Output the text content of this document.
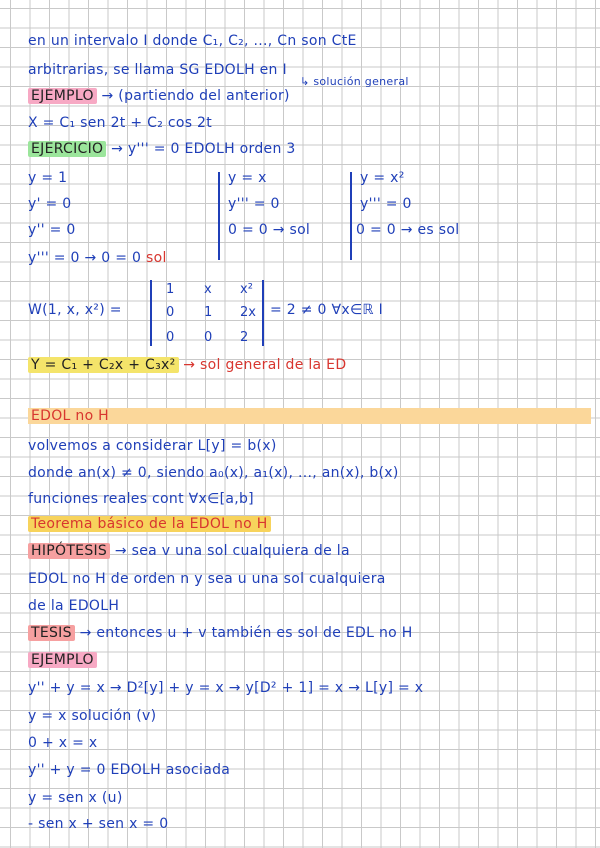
en un intervalo I donde C₁, C₂, ..., Cn son CtE
arbitrarias, se llama SG EDOLH en I
↳ solución general
EJEMPLO → (partiendo del anterior)
X = C₁ sen 2t + C₂ cos 2t
EJERCICIO → y''' = 0 EDOLH orden 3
y = 1
y' = 0
y'' = 0
y''' = 0 → 0 = 0 sol
y = x
y''' = 0
0 = 0 → sol
y = x²
y''' = 0
0 = 0 → es sol
W(1, x, x²) =
1 x x²
0 1 2x
0 0 2
= 2 ≠ 0 ∀x∈ℝ I
Y = C₁ + C₂x + C₃x² → sol general de la ED
EDOL no H
volvemos a considerar L[y] = b(x)
donde an(x) ≠ 0, siendo a₀(x), a₁(x), ..., an(x), b(x)
funciones reales cont ∀x∈[a,b]
Teorema básico de la EDOL no H
HIPÓTESIS → sea v una sol cualquiera de la
EDOL no H de orden n y sea u una sol cualquiera
de la EDOLH
TESIS → entonces u + v también es sol de EDL no H
EJEMPLO
y'' + y = x → D²[y] + y = x → y[D² + 1] = x → L[y] = x
y = x solución (v)
0 + x = x
y'' + y = 0 EDOLH asociada
y = sen x (u)
- sen x + sen x = 0
